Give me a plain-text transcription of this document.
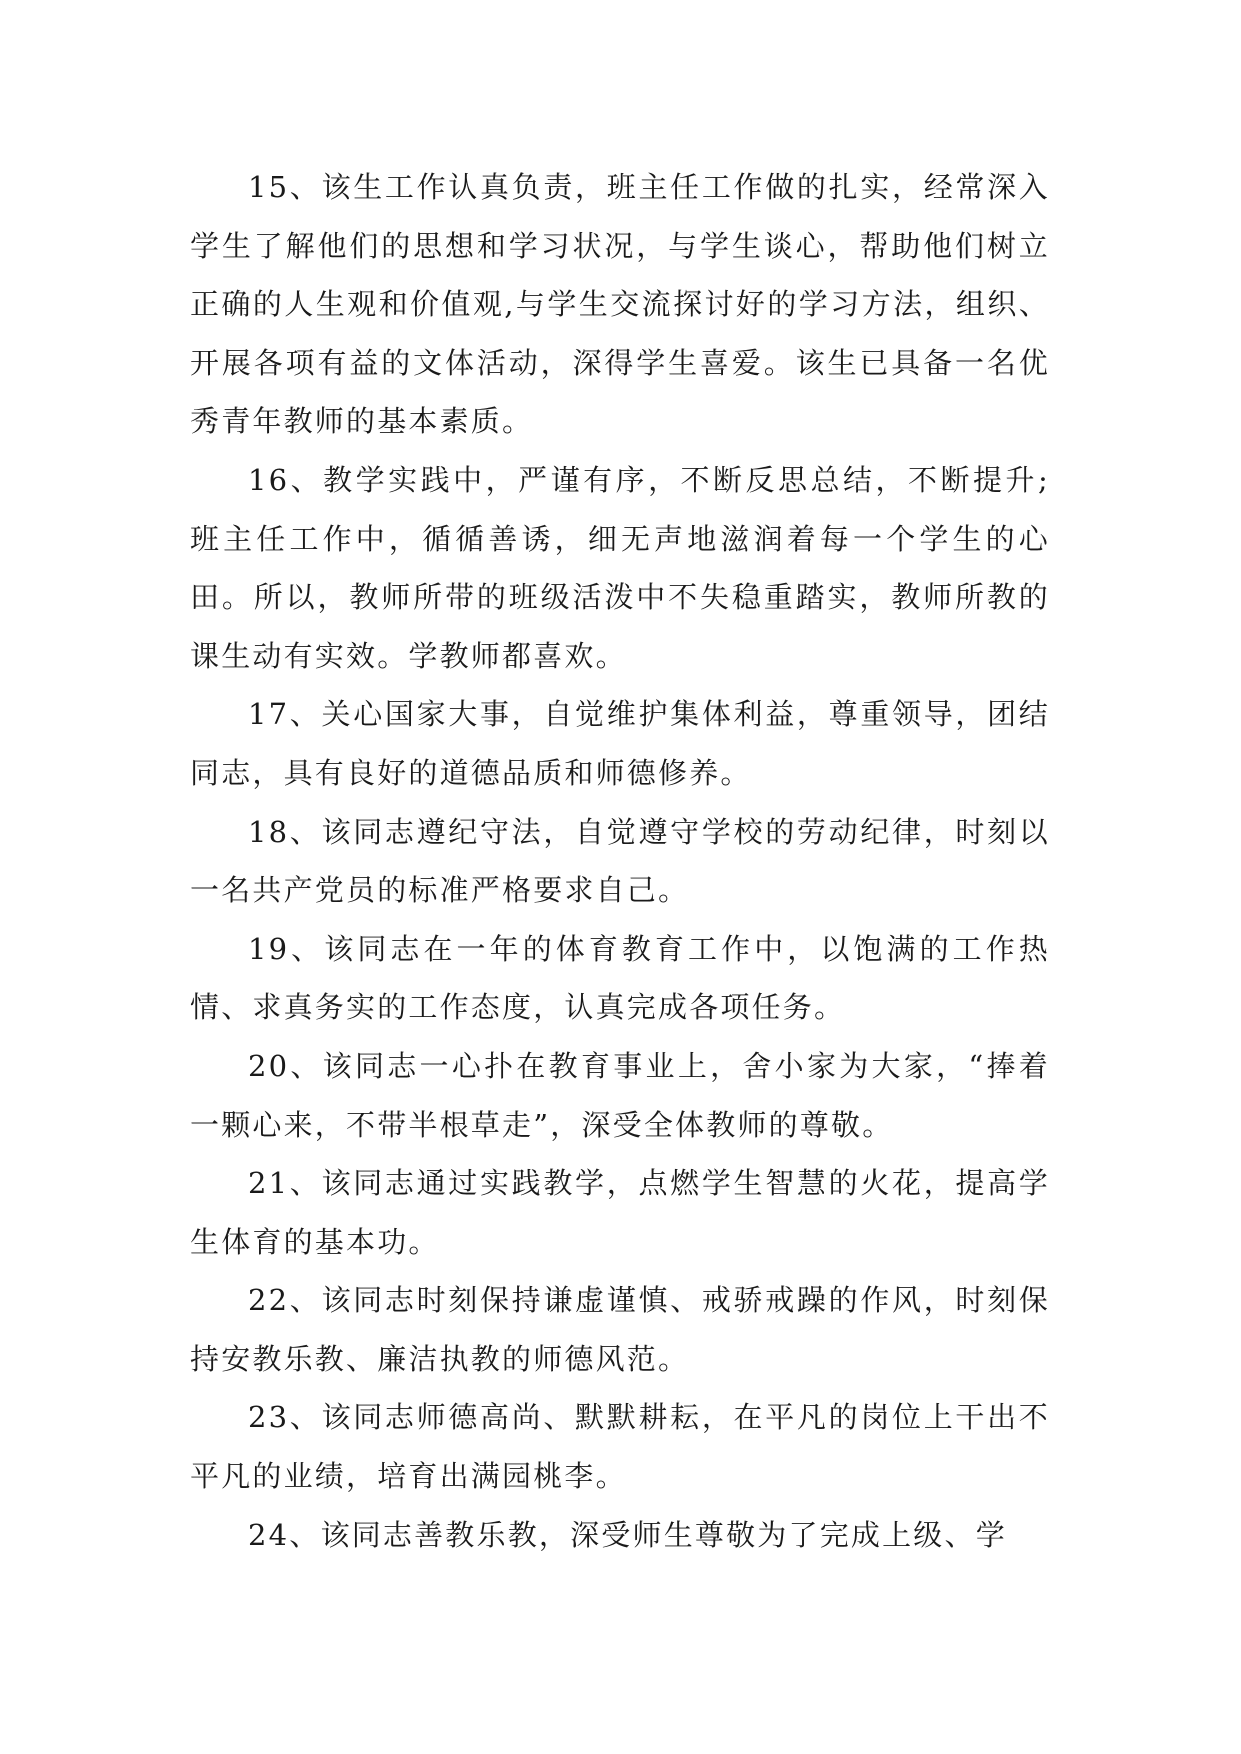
15、该生工作认真负责，班主任工作做的扎实，经常深入学生了解他们的思想和学习状况，与学生谈心，帮助他们树立正确的人生观和价值观,与学生交流探讨好的学习方法，组织、开展各项有益的文体活动，深得学生喜爱。该生已具备一名优秀青年教师的基本素质。

16、教学实践中，严谨有序，不断反思总结，不断提升;班主任工作中，循循善诱，细无声地滋润着每一个学生的心田。所以，教师所带的班级活泼中不失稳重踏实，教师所教的课生动有实效。学教师都喜欢。

17、关心国家大事，自觉维护集体利益，尊重领导，团结同志，具有良好的道德品质和师德修养。

18、该同志遵纪守法，自觉遵守学校的劳动纪律，时刻以一名共产党员的标准严格要求自己。

19、该同志在一年的体育教育工作中，以饱满的工作热情、求真务实的工作态度，认真完成各项任务。

20、该同志一心扑在教育事业上，舍小家为大家，“捧着一颗心来，不带半根草走”，深受全体教师的尊敬。

21、该同志通过实践教学，点燃学生智慧的火花，提高学生体育的基本功。

22、该同志时刻保持谦虚谨慎、戒骄戒躁的作风，时刻保持安教乐教、廉洁执教的师德风范。

23、该同志师德高尚、默默耕耘，在平凡的岗位上干出不平凡的业绩，培育出满园桃李。

24、该同志善教乐教，深受师生尊敬为了完成上级、学
